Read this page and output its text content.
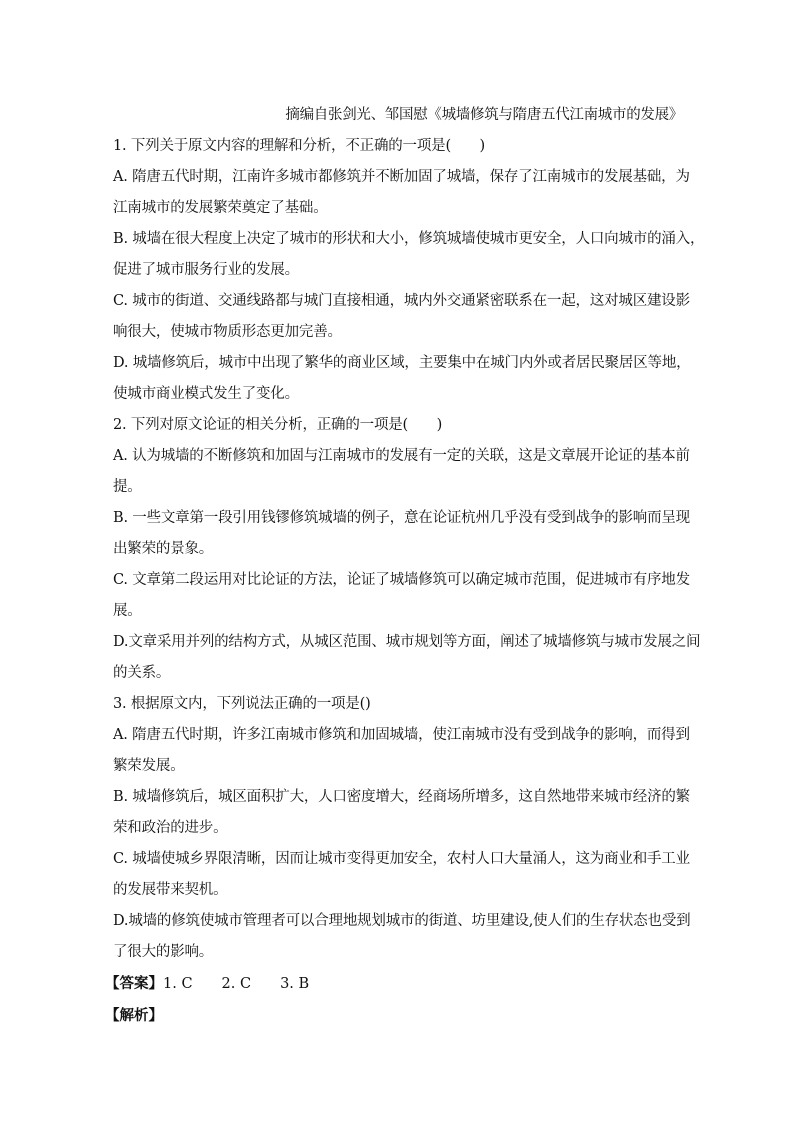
摘编自张剑光、邹国慰《城墙修筑与隋唐五代江南城市的发展》
1. 下列关于原文内容的理解和分析，不正确的一项是(　　)
A. 隋唐五代时期，江南许多城市都修筑并不断加固了城墙，保存了江南城市的发展基础，为
江南城市的发展繁荣奠定了基础。
B. 城墙在很大程度上决定了城市的形状和大小，修筑城墙使城市更安全，人口向城市的涌入，
促进了城市服务行业的发展。
C. 城市的街道、交通线路都与城门直接相通，城内外交通紧密联系在一起，这对城区建设影
响很大，使城市物质形态更加完善。
D. 城墙修筑后，城市中出现了繁华的商业区域，主要集中在城门内外或者居民聚居区等地，
使城市商业模式发生了变化。
2. 下列对原文论证的相关分析，正确的一项是(　　)
A. 认为城墙的不断修筑和加固与江南城市的发展有一定的关联，这是文章展开论证的基本前
提。
B. 一些文章第一段引用钱镠修筑城墙的例子，意在论证杭州几乎没有受到战争的影响而呈现
出繁荣的景象。
C. 文章第二段运用对比论证的方法，论证了城墙修筑可以确定城市范围，促进城市有序地发
展。
D.文章采用并列的结构方式，从城区范围、城市规划等方面，阐述了城墙修筑与城市发展之间
的关系。
3. 根据原文内，下列说法正确的一项是()
A. 隋唐五代时期，许多江南城市修筑和加固城墙，使江南城市没有受到战争的影响，而得到
繁荣发展。
B. 城墙修筑后，城区面积扩大，人口密度增大，经商场所增多，这自然地带来城市经济的繁
荣和政治的进步。
C. 城墙使城乡界限清晰，因而让城市变得更加安全，农村人口大量涌人，这为商业和手工业
的发展带来契机。
D.城墙的修筑使城市管理者可以合理地规划城市的街道、坊里建设,使人们的生存状态也受到
了很大的影响。
【答案】1. C　　2. C　　3. B
【解析】
